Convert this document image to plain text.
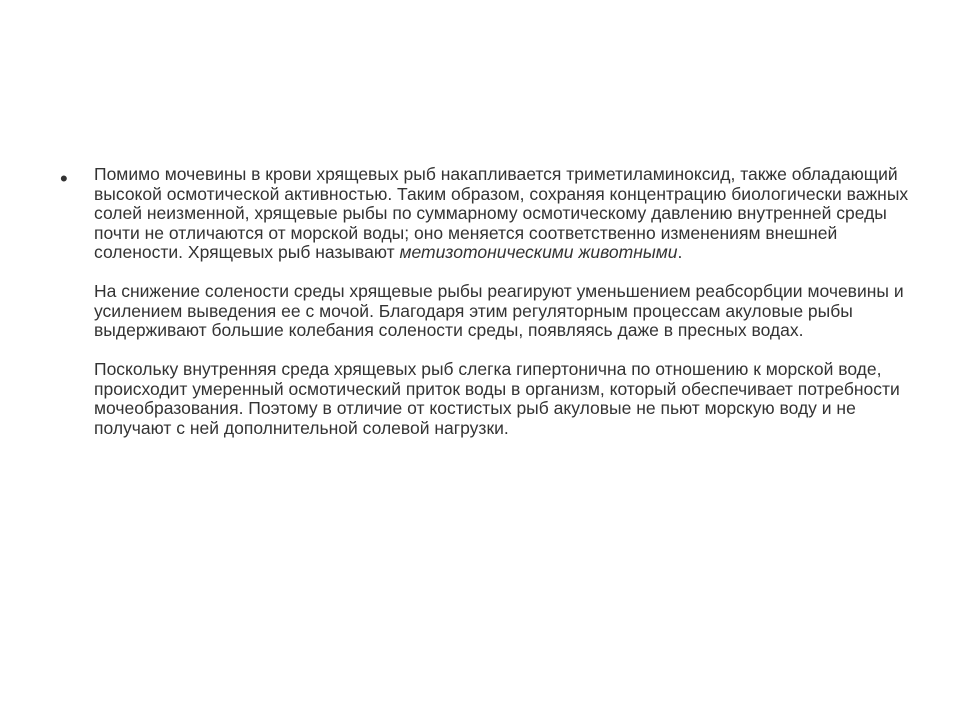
•	Помимо мочевины в крови хрящевых рыб накапливается триметиламиноксид, также обладающий высокой осмотической активностью. Таким образом, сохраняя концентрацию биологически важных солей неизменной, хрящевые рыбы по суммарному осмотическому давлению внутренней среды почти не отличаются от морской воды; оно меняется соответственно изменениям внешней солености. Хрящевых рыб называют метизотоническими животными.

На снижение солености среды хрящевые рыбы реагируют уменьшением реабсорбции мочевины и усилением выведения ее с мочой. Благодаря этим регуляторным процессам акуловые рыбы выдерживают большие колебания солености среды, появляясь даже в пресных водах.

Поскольку внутренняя среда хрящевых рыб слегка гипертонична по отношению к морской воде, происходит умеренный осмотический приток воды в организм, который обеспечивает потребности мочеобразования. Поэтому в отличие от костистых рыб акуловые не пьют морскую воду и не получают с ней дополнительной солевой нагрузки.
